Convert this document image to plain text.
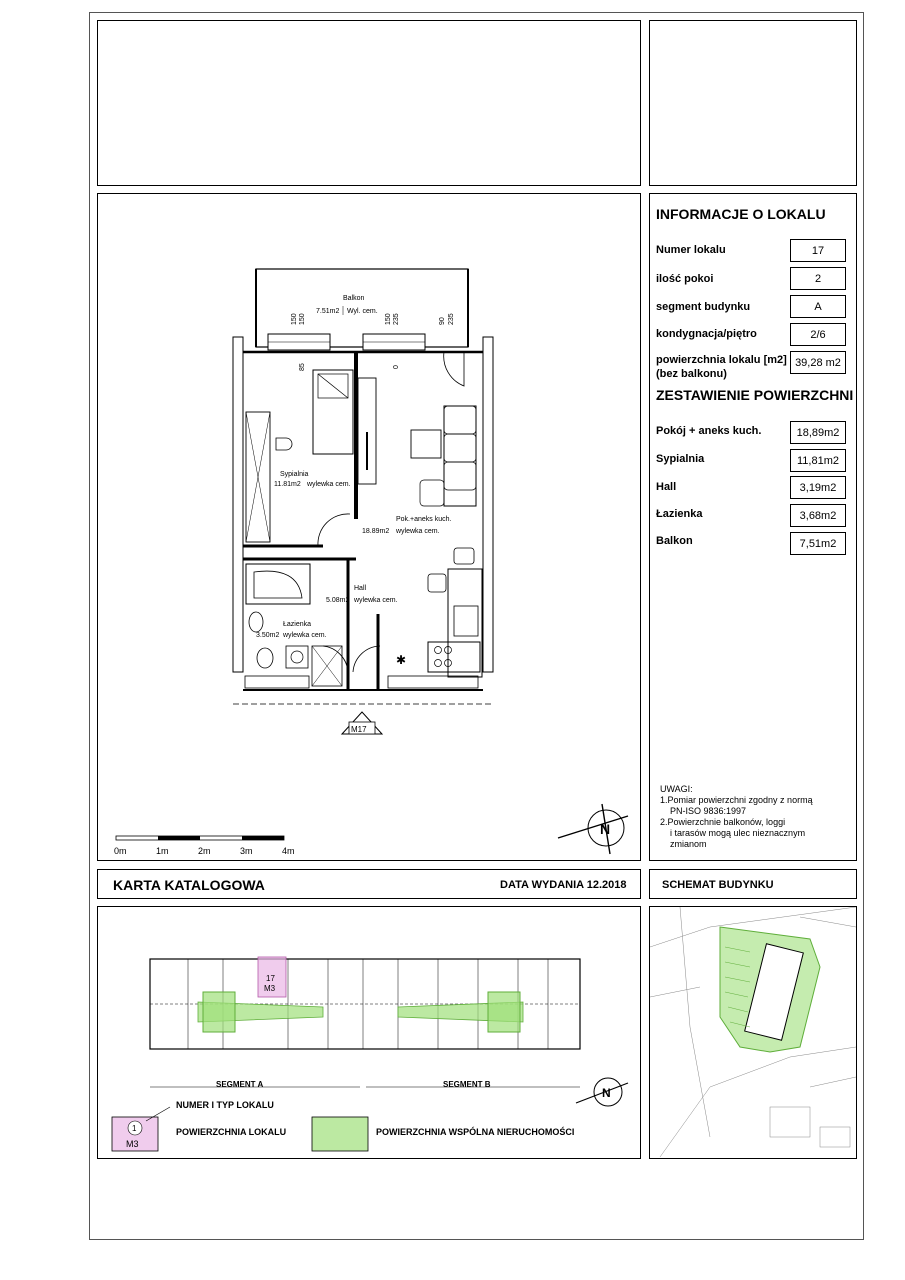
Balkon
7.51m2 Wyl. cem.
150 150
85
150 235
0
90 235
Sypialnia
11.81m2 wylewka cem.
Pok.+aneks kuch.
18.89m2 wylewka cem.
✱
Hall
5.08m2 wylewka cem.
Łazienka
3.50m2 wylewka cem.
M17
0m	1m	2m	3m	4m
N
INFORMACJE O LOKALU
Numer lokalu	17
ilość pokoi	2
segment budynku	A
kondygnacja/piętro	2/6
powierzchnia lokalu [m2]
(bez balkonu)
39,28 m2
ZESTAWIENIE POWIERZCHNI
Pokój + aneks kuch.	18,89m2
Sypialnia	11,81m2
Hall	3,19m2
Łazienka	3,68m2
Balkon	7,51m2
UWAGI:
1.Pomiar powierzchni zgodny z normą
PN-ISO 9836:1997
2.Powierzchnie balkonów, loggi
i tarasów mogą ulec nieznacznym
zmianom
KARTA KATALOGOWA	DATA WYDANIA 12.2018	SCHEMAT BUDYNKU
17
M3
SEGMENT A	SEGMENT B
N
1
M3
NUMER I TYP LOKALU
POWIERZCHNIA LOKALU	POWIERZCHNIA WSPÓLNA NIERUCHOMOŚCI
